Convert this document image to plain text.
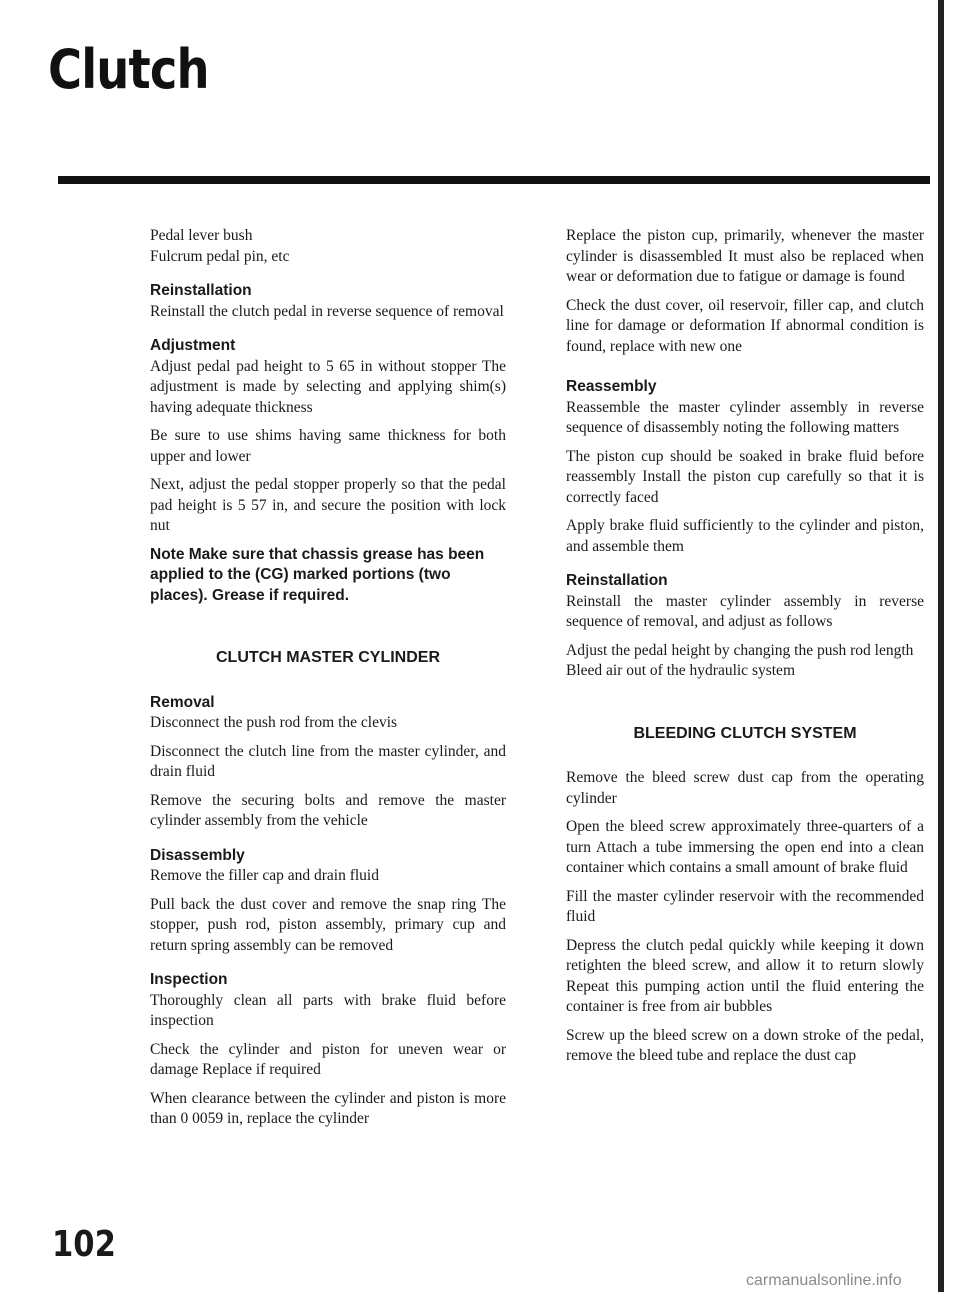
Clutch

Pedal lever bush

Fulcrum pedal pin, etc

Reinstallation

Reinstall the clutch pedal in reverse sequence of removal

Adjustment

Adjust pedal pad height to 5 65 in without stopper The adjustment is made by selecting and applying shim(s) having adequate thickness

Be sure to use shims having same thickness for both upper and lower

Next, adjust the pedal stopper properly so that the pedal pad height is 5 57 in, and secure the position with lock nut

Note Make sure that chassis grease has been applied to the (CG) marked portions (two places). Grease if required.

CLUTCH MASTER CYLINDER
Removal

Disconnect the push rod from the clevis

Disconnect the clutch line from the master cylinder, and drain fluid

Remove the securing bolts and remove the master cylinder assembly from the vehicle

Disassembly

Remove the filler cap and drain fluid

Pull back the dust cover and remove the snap ring The stopper, push rod, piston assembly, primary cup and return spring assembly can be removed

Inspection

Thoroughly clean all parts with brake fluid before inspection

Check the cylinder and piston for uneven wear or damage Replace if required

When clearance between the cylinder and piston is more than 0 0059 in, replace the cylinder

Replace the piston cup, primarily, whenever the master cylinder is disassembled It must also be replaced when wear or deformation due to fatigue or damage is found

Check the dust cover, oil reservoir, filler cap, and clutch line for damage or deformation If abnormal condition is found, replace with new one

Reassembly

Reassemble the master cylinder assembly in reverse sequence of disassembly noting the following matters

The piston cup should be soaked in brake fluid before reassembly Install the piston cup carefully so that it is correctly faced

Apply brake fluid sufficiently to the cylinder and piston, and assemble them

Reinstallation

Reinstall the master cylinder assembly in reverse sequence of removal, and adjust as follows

Adjust the pedal height by changing the push rod length

Bleed air out of the hydraulic system

BLEEDING CLUTCH SYSTEM

Remove the bleed screw dust cap from the operating cylinder

Open the bleed screw approximately three-quarters of a turn Attach a tube immersing the open end into a clean container which contains a small amount of brake fluid

Fill the master cylinder reservoir with the recommended fluid

Depress the clutch pedal quickly while keeping it down retighten the bleed screw, and allow it to return slowly Repeat this pumping action until the fluid entering the container is free from air bubbles

Screw up the bleed screw on a down stroke of the pedal, remove the bleed tube and replace the dust cap

102
carmanualsonline.info
